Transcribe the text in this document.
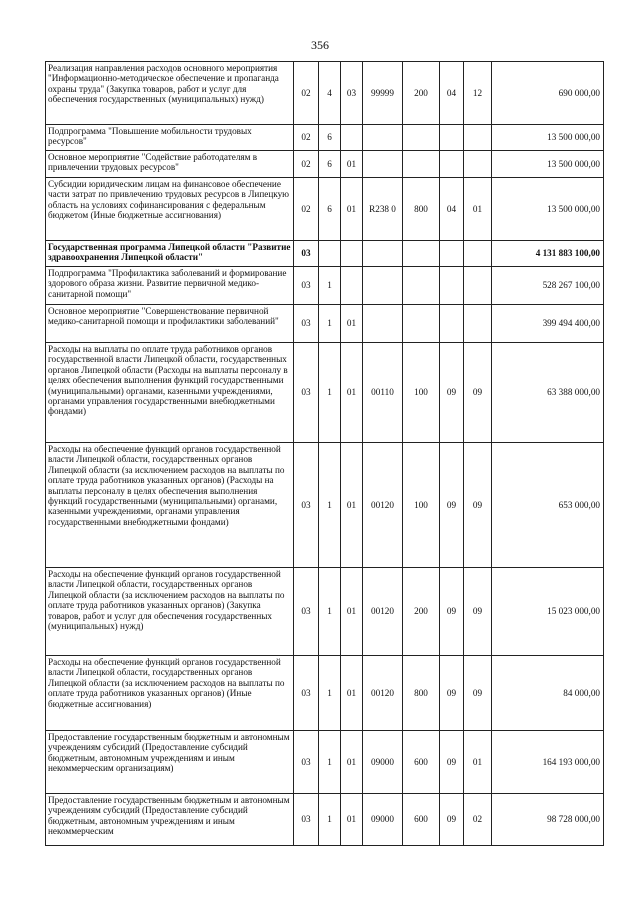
356
Реализация направления расходов основного мероприятия "Информационно-методическое обеспечение и пропаганда охраны труда" (Закупка товаров, работ и услуг для обеспечения государственных (муниципальных) нужд)	02	4	03	99999	200	04	12	690 000,00
Подпрограмма "Повышение мобильности трудовых ресурсов"	02	6						13 500 000,00
Основное мероприятие "Содействие работодателям в привлечении трудовых ресурсов"	02	6	01					13 500 000,00
Субсидии юридическим лицам на финансовое обеспечение части затрат по привлечению трудовых ресурсов в Липецкую область на условиях софинансирования с федеральным бюджетом (Иные бюджетные ассигнования)	02	6	01	R238 0	800	04	01	13 500 000,00
Государственная программа Липецкой области "Развитие здравоохранения Липецкой области"	03							4 131 883 100,00
Подпрограмма "Профилактика заболеваний и формирование здорового образа жизни. Развитие первичной медико-санитарной помощи"	03	1						528 267 100,00
Основное мероприятие "Совершенствование первичной медико-санитарной помощи и профилактики заболеваний"	03	1	01					399 494 400,00
Расходы на выплаты по оплате труда работников органов государственной власти Липецкой области, государственных органов Липецкой области (Расходы на выплаты персоналу в целях обеспечения выполнения функций государственными (муниципальными) органами, казенными учреждениями, органами управления государственными внебюджетными фондами)	03	1	01	00110	100	09	09	63 388 000,00
Расходы на обеспечение функций органов государственной власти Липецкой области, государственных органов Липецкой области (за исключением расходов на выплаты по оплате труда работников указанных органов) (Расходы на выплаты персоналу в целях обеспечения выполнения функций государственными (муниципальными) органами, казенными учреждениями, органами управления государственными внебюджетными фондами)	03	1	01	00120	100	09	09	653 000,00
Расходы на обеспечение функций органов государственной власти Липецкой области, государственных органов Липецкой области (за исключением расходов на выплаты по оплате труда работников указанных органов) (Закупка товаров, работ и услуг для обеспечения государственных (муниципальных) нужд)	03	1	01	00120	200	09	09	15 023 000,00
Расходы на обеспечение функций органов государственной власти Липецкой области, государственных органов Липецкой области (за исключением расходов на выплаты по оплате труда работников указанных органов) (Иные бюджетные ассигнования)	03	1	01	00120	800	09	09	84 000,00
Предоставление государственным бюджетным и автономным учреждениям субсидий (Предоставление субсидий бюджетным, автономным учреждениям и иным некоммерческим организациям)	03	1	01	09000	600	09	01	164 193 000,00
Предоставление государственным бюджетным и автономным учреждениям субсидий (Предоставление субсидий бюджетным, автономным учреждениям и иным некоммерческим	03	1	01	09000	600	09	02	98 728 000,00
